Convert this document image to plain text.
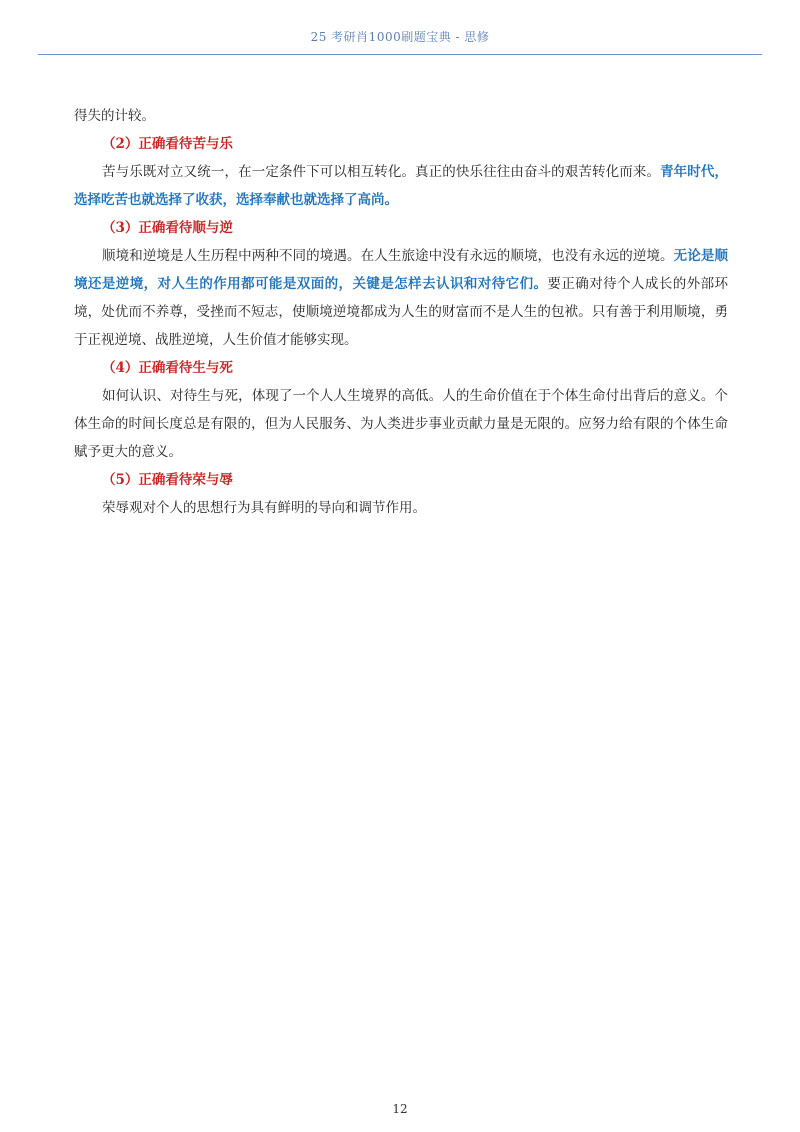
25 考研肖1000刷题宝典 - 思修

得失的计较。

（2）正确看待苦与乐

苦与乐既对立又统一，在一定条件下可以相互转化。真正的快乐往往由奋斗的艰苦转化而来。青年时代，选择吃苦也就选择了收获，选择奉献也就选择了高尚。

（3）正确看待顺与逆

顺境和逆境是人生历程中两种不同的境遇。在人生旅途中没有永远的顺境，也没有永远的逆境。无论是顺境还是逆境，对人生的作用都可能是双面的，关键是怎样去认识和对待它们。要正确对待个人成长的外部环境，处优而不养尊，受挫而不短志，使顺境逆境都成为人生的财富而不是人生的包袱。只有善于利用顺境，勇于正视逆境、战胜逆境，人生价值才能够实现。

（4）正确看待生与死

如何认识、对待生与死，体现了一个人人生境界的高低。人的生命价值在于个体生命付出背后的意义。个体生命的时间长度总是有限的，但为人民服务、为人类进步事业贡献力量是无限的。应努力给有限的个体生命赋予更大的意义。

（5）正确看待荣与辱

荣辱观对个人的思想行为具有鲜明的导向和调节作用。

12
